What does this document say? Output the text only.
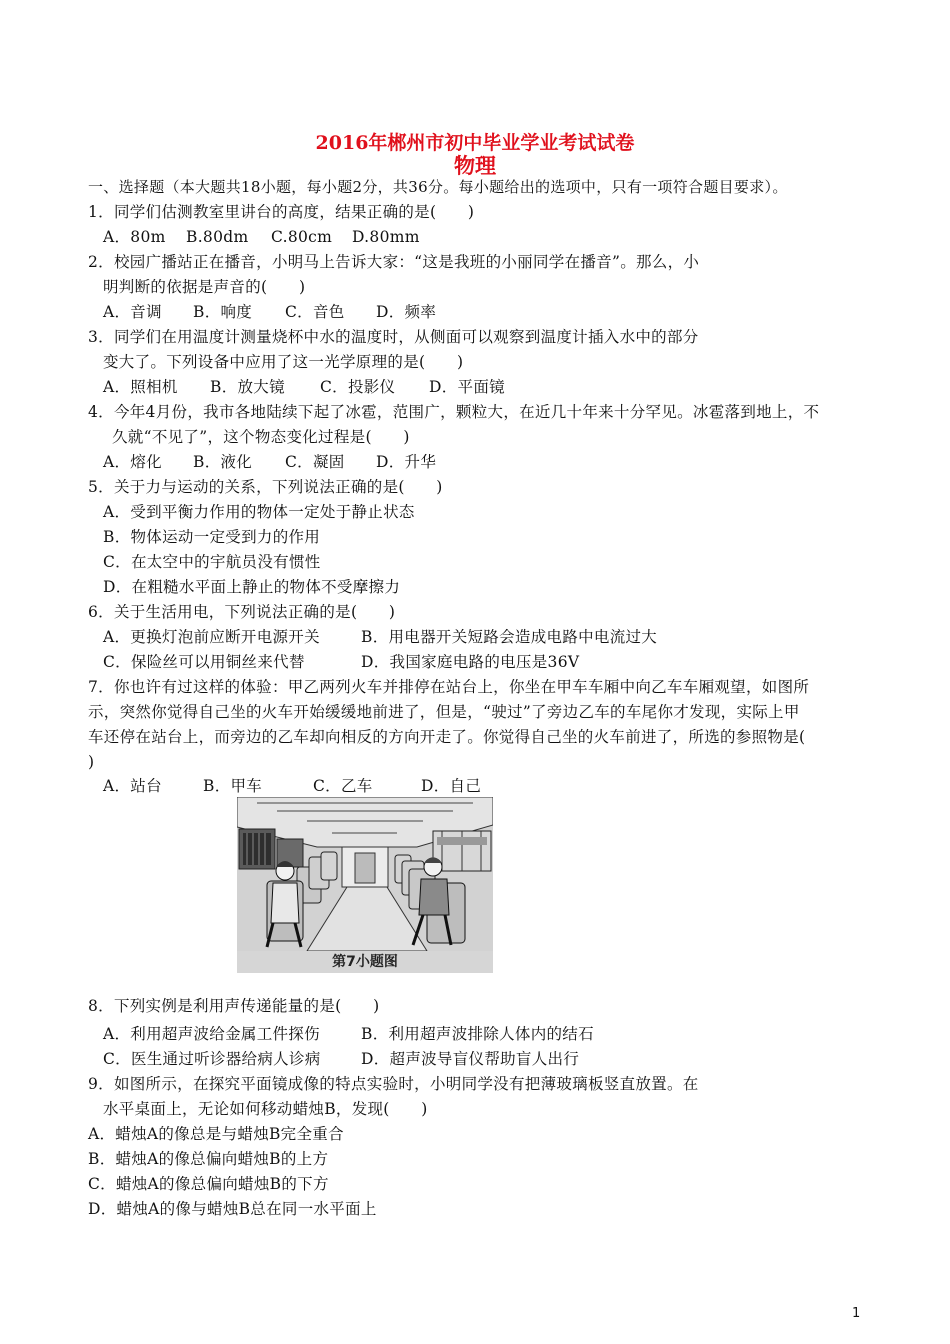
2016年郴州市初中毕业学业考试试卷
物理
一、选择题（本大题共18小题，每小题2分，共36分。每小题给出的选项中，只有一项符合题目要求）。
1．同学们估测教室里讲台的高度，结果正确的是(　　)
A．80m B.80dm C.80cm D.80mm
2．校园广播站正在播音，小明马上告诉大家：“这是我班的小丽同学在播音”。那么，小
明判断的依据是声音的(　　)
A．音调 B．响度 C．音色 D．频率
3．同学们在用温度计测量烧杯中水的温度时，从侧面可以观察到温度计插入水中的部分
变大了。下列设备中应用了这一光学原理的是(　　)
A．照相机 B．放大镜 C．投影仪 D．平面镜
4．今年4月份，我市各地陆续下起了冰雹，范围广，颗粒大，在近几十年来十分罕见。冰雹落到地上，不
久就“不见了”，这个物态变化过程是(　　)
A．熔化 B．液化 C．凝固 D．升华
5．关于力与运动的关系，下列说法正确的是(　　)
A．受到平衡力作用的物体一定处于静止状态
B．物体运动一定受到力的作用
C．在太空中的宇航员没有惯性
D．在粗糙水平面上静止的物体不受摩擦力
6．关于生活用电，下列说法正确的是(　　)
A．更换灯泡前应断开电源开关	B．用电器开关短路会造成电路中电流过大
C．保险丝可以用铜丝来代替	D．我国家庭电路的电压是36V
7．你也许有过这样的体验：甲乙两列火车并排停在站台上，你坐在甲车车厢中向乙车车厢观望，如图所
示，突然你觉得自己坐的火车开始缓缓地前进了，但是，“驶过”了旁边乙车的车尾你才发现，实际上甲
车还停在站台上，而旁边的乙车却向相反的方向开走了。你觉得自己坐的火车前进了，所选的参照物是(
)
A．站台	B．甲车	C．乙车	D．自己
第7小题图
8．下列实例是利用声传递能量的是(　　)
A．利用超声波给金属工件探伤	B．利用超声波排除人体内的结石
C．医生通过听诊器给病人诊病	D．超声波导盲仪帮助盲人出行
9．如图所示，在探究平面镜成像的特点实验时，小明同学没有把薄玻璃板竖直放置。在
水平桌面上，无论如何移动蜡烛B，发现(　　)
A．蜡烛A的像总是与蜡烛B完全重合
B．蜡烛A的像总偏向蜡烛B的上方
C．蜡烛A的像总偏向蜡烛B的下方
D．蜡烛A的像与蜡烛B总在同一水平面上
1
